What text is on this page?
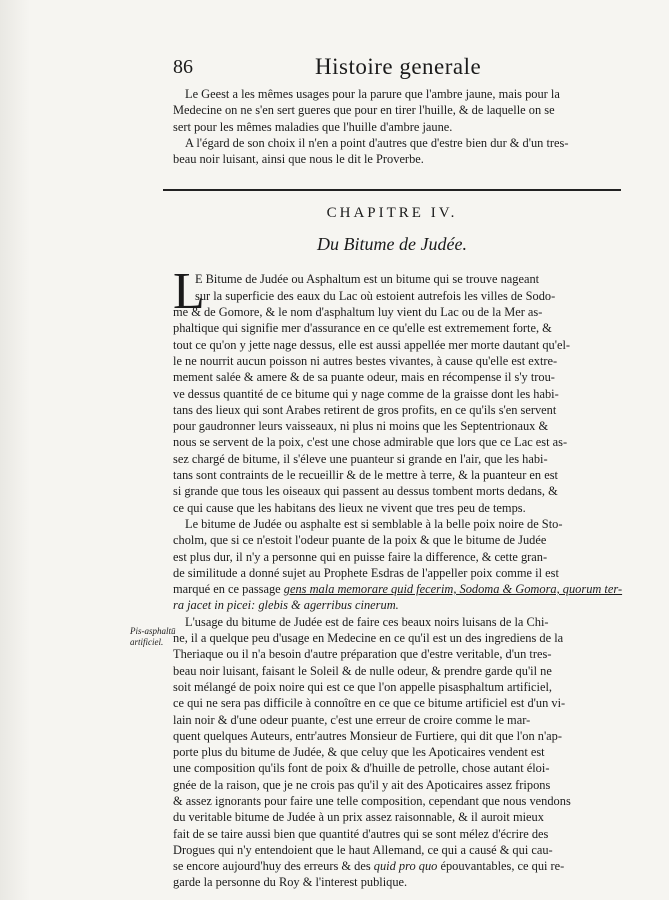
Pis-asphaltū artificiel.
86	Histoire generale

Le Geest a les mêmes usages pour la parure que l'ambre jaune, mais pour la
Medecine on ne s'en sert gueres que pour en tirer l'huille, & de laquelle on se
sert pour les mêmes maladies que l'huille d'ambre jaune.
A l'égard de son choix il n'en a point d'autres que d'estre bien dur & d'un tres-
beau noir luisant, ainsi que nous le dit le Proverbe.

CHAPITRE IV.
Du Bitume de Judée.
L

E Bitume de Judée ou Asphaltum est un bitume qui se trouve nageant
sur la superficie des eaux du Lac où estoient autrefois les villes de Sodo-
me & de Gomore, & le nom d'asphaltum luy vient du Lac ou de la Mer as-
phaltique qui signifie mer d'assurance en ce qu'elle est extremement forte, &
tout ce qu'on y jette nage dessus, elle est aussi appellée mer morte dautant qu'el-
le ne nourrit aucun poisson ni autres bestes vivantes, à cause qu'elle est extre-
mement salée & amere & de sa puante odeur, mais en récompense il s'y trou-
ve dessus quantité de ce bitume qui y nage comme de la graisse dont les habi-
tans des lieux qui sont Arabes retirent de gros profits, en ce qu'ils s'en servent
pour gaudronner leurs vaisseaux, ni plus ni moins que les Septentrionaux &
nous se servent de la poix, c'est une chose admirable que lors que ce Lac est as-
sez chargé de bitume, il s'éleve une puanteur si grande en l'air, que les habi-
tans sont contraints de le recueillir & de le mettre à terre, & la puanteur en est
si grande que tous les oiseaux qui passent au dessus tombent morts dedans, &
ce qui cause que les habitans des lieux ne vivent que tres peu de temps.

Le bitume de Judée ou asphalte est si semblable à la belle poix noire de Sto-
cholm, que si ce n'estoit l'odeur puante de la poix & que le bitume de Judée
est plus dur, il n'y a personne qui en puisse faire la difference, & cette gran-
de similitude a donné sujet au Prophete Esdras de l'appeller poix comme il est
marqué en ce passage gens mala memorare quid fecerim, Sodoma & Gomora, quorum ter-
ra jacet in picei: glebis & agerribus cinerum.

L'usage du bitume de Judée est de faire ces beaux noirs luisans de la Chi-
ne, il a quelque peu d'usage en Medecine en ce qu'il est un des ingrediens de la
Theriaque ou il n'a besoin d'autre préparation que d'estre veritable, d'un tres-
beau noir luisant, faisant le Soleil & de nulle odeur, & prendre garde qu'il ne
soit mélangé de poix noire qui est ce que l'on appelle pisasphaltum artificiel,
ce qui ne sera pas difficile à connoître en ce que ce bitume artificiel est d'un vi-
lain noir & d'une odeur puante, c'est une erreur de croire comme le mar-
quent quelques Auteurs, entr'autres Monsieur de Furtiere, qui dit que l'on n'ap-
porte plus du bitume de Judée, & que celuy que les Apoticaires vendent est
une composition qu'ils font de poix & d'huille de petrolle, chose autant éloi-
gnée de la raison, que je ne crois pas qu'il y ait des Apoticaires assez fripons
& assez ignorants pour faire une telle composition, cependant que nous vendons
du veritable bitume de Judée à un prix assez raisonnable, & il auroit mieux
fait de se taire aussi bien que quantité d'autres qui se sont mélez d'écrire des
Drogues qui n'y entendoient que le haut Allemand, ce qui a causé & qui cau-
se encore aujourd'huy des erreurs & des quid pro quo épouvantables, ce qui re-
garde la personne du Roy & l'interest publique.
